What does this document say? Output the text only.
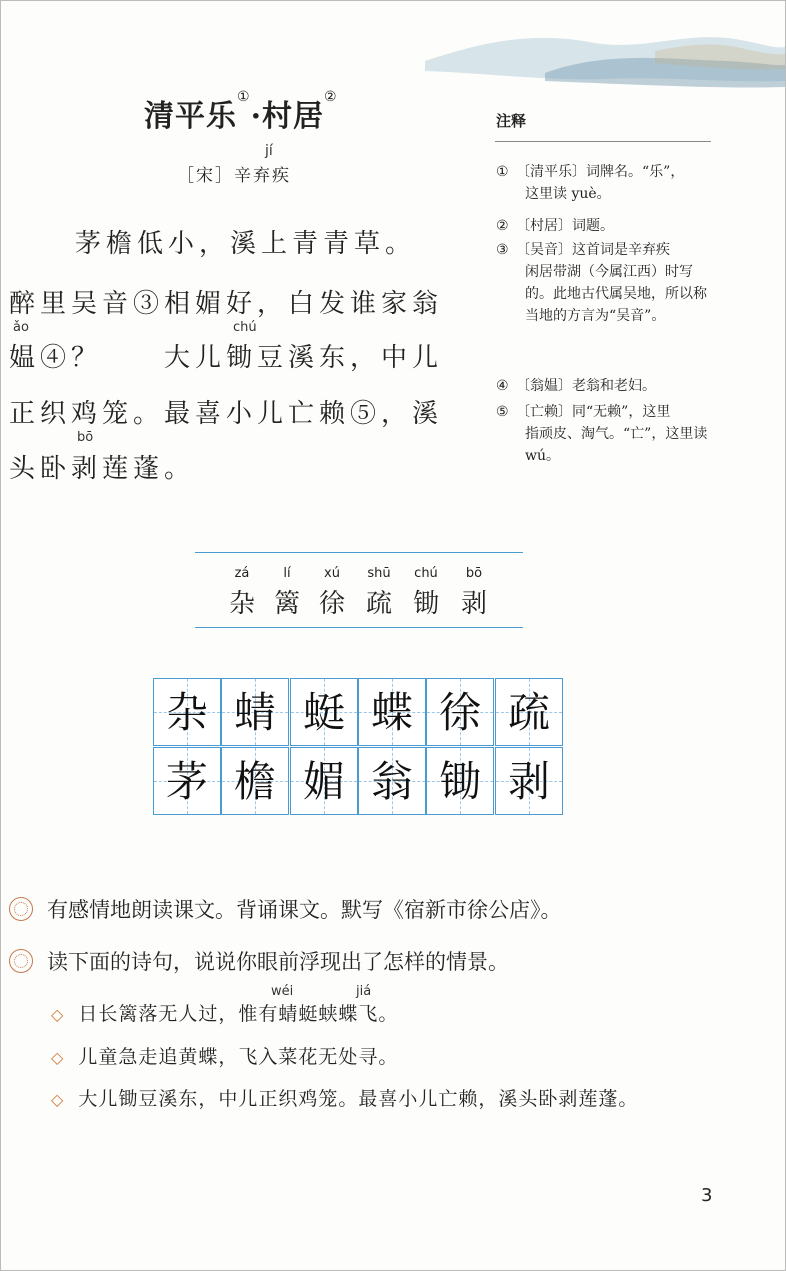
清平乐①·村居②
jí
［宋］辛弃疾
茅檐低小，溪上青青草。
醉里吴音③相媚好，白发谁家翁
ǎo	chú
媪④？　　大儿锄豆溪东，中儿
正织鸡笼。最喜小儿亡赖⑤，溪
bō
头卧剥莲蓬。
注释
① 〔清平乐〕词牌名。“乐”，
这里读 yuè。
② 〔村居〕词题。
③ 〔吴音〕这首词是辛弃疾
闲居带湖（今属江西）时写的。此地古代属吴地，所以称当地的方言为“吴音”。
④ 〔翁媪〕老翁和老妇。
⑤ 〔亡赖〕同“无赖”，这里
指顽皮、淘气。“亡”，这里读 wú。
zá
杂
lí
篱
xú
徐
shū
疏
chú
锄
bō
剥
杂 蜻 蜓 蝶 徐 疏
茅 檐 媚 翁 锄 剥
有感情地朗读课文。背诵课文。默写《宿新市徐公店》。
读下面的诗句，说说你眼前浮现出了怎样的情景。
wéi	jiá
◇ 日长篱落无人过，惟有蜻蜓蛱蝶飞。
◇ 儿童急走追黄蝶，飞入菜花无处寻。
◇ 大儿锄豆溪东，中儿正织鸡笼。最喜小儿亡赖，溪头卧剥莲蓬。
3
